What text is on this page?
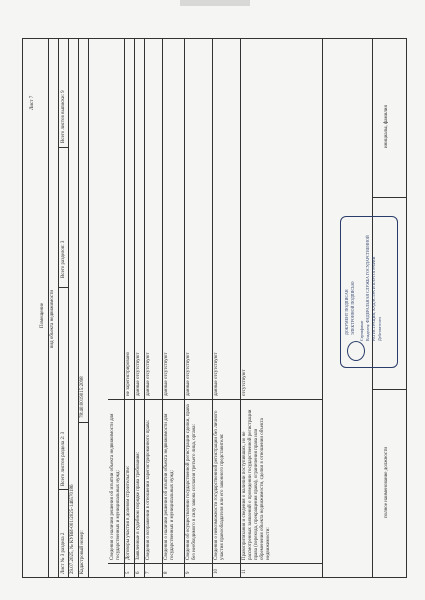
Лист 7
Помещение вид объекта недвижимости
Лист № 3 раздела 2
Всего листов раздела 2: 3
Всего разделов: 3
Всего листов выписки: 9
29.07.2025, № КУВИ-001/2025-146570186 Кадастровый номер:
78:40:0019015:2098
Сведения о наличии решения об изъятии объекта недвижимости для государственных и муниципальных нужд:
5
Договоры участия в долевом строительстве:
не зарегистрировано
6
Заявленные в судебном порядке права требования:
данные отсутствуют
7
Сведения о возражении в отношении зарегистрированного права:
данные отсутствуют
8
Сведения о наличии решения об изъятии объекта недвижимости для государственных и муниципальных нужд:
данные отсутствуют
9
Сведения об осуществлении государственной регистрации сделки, права без необходимого в силу закона согласия третьего лица, органа:
данные отсутствуют
10
Сведения о невозможности государственной регистрации без личного участия правообладателя или его законного представителя:
данные отсутствуют
11
Правопритязания и сведения о наличии поступивших, но не рассмотренных заявлений о проведении государственной регистрации права (перехода, прекращения права), ограничения права или обременения объекта недвижимости, сделки в отношении объекта недвижимости:
отсутствуют
полное наименование должности
инициалы, фамилия
ДОКУМЕНТ ПОДПИСАН ЭЛЕКТРОННОЙ ПОДПИСЬЮ Сертификат Владелец: ФЕДЕРАЛЬНАЯ СЛУЖБА ГОСУДАРСТВЕННОЙ РЕГИСТРАЦИИ, КАДАСТРА И КАРТОГРАФИИ Действителен
